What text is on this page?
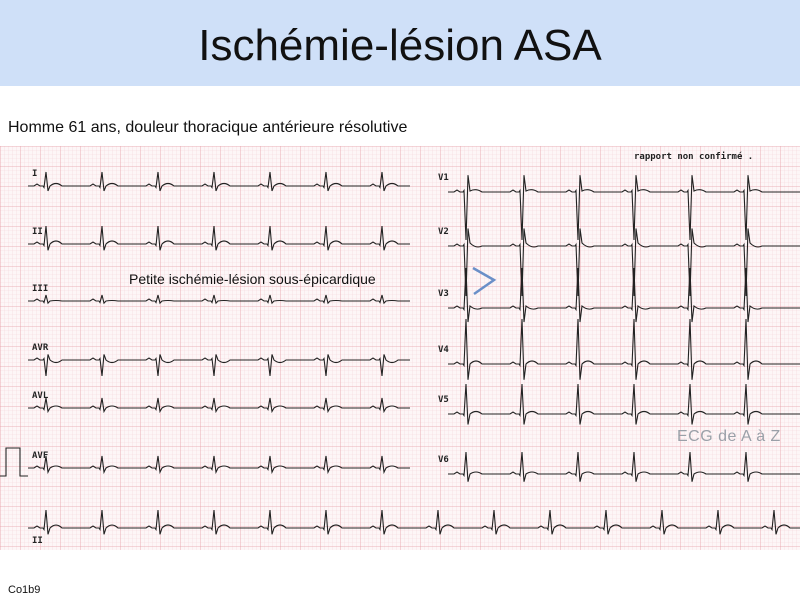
Ischémie-lésion ASA
Homme 61 ans, douleur thoracique antérieure résolutive
I
II
III
AVR
AVL
AVF
V1
V2
V3
V4
V5
V6
II
rapport non confirmé .
Petite ischémie-lésion sous-épicardique
ECG de A à Z
Co1b9
